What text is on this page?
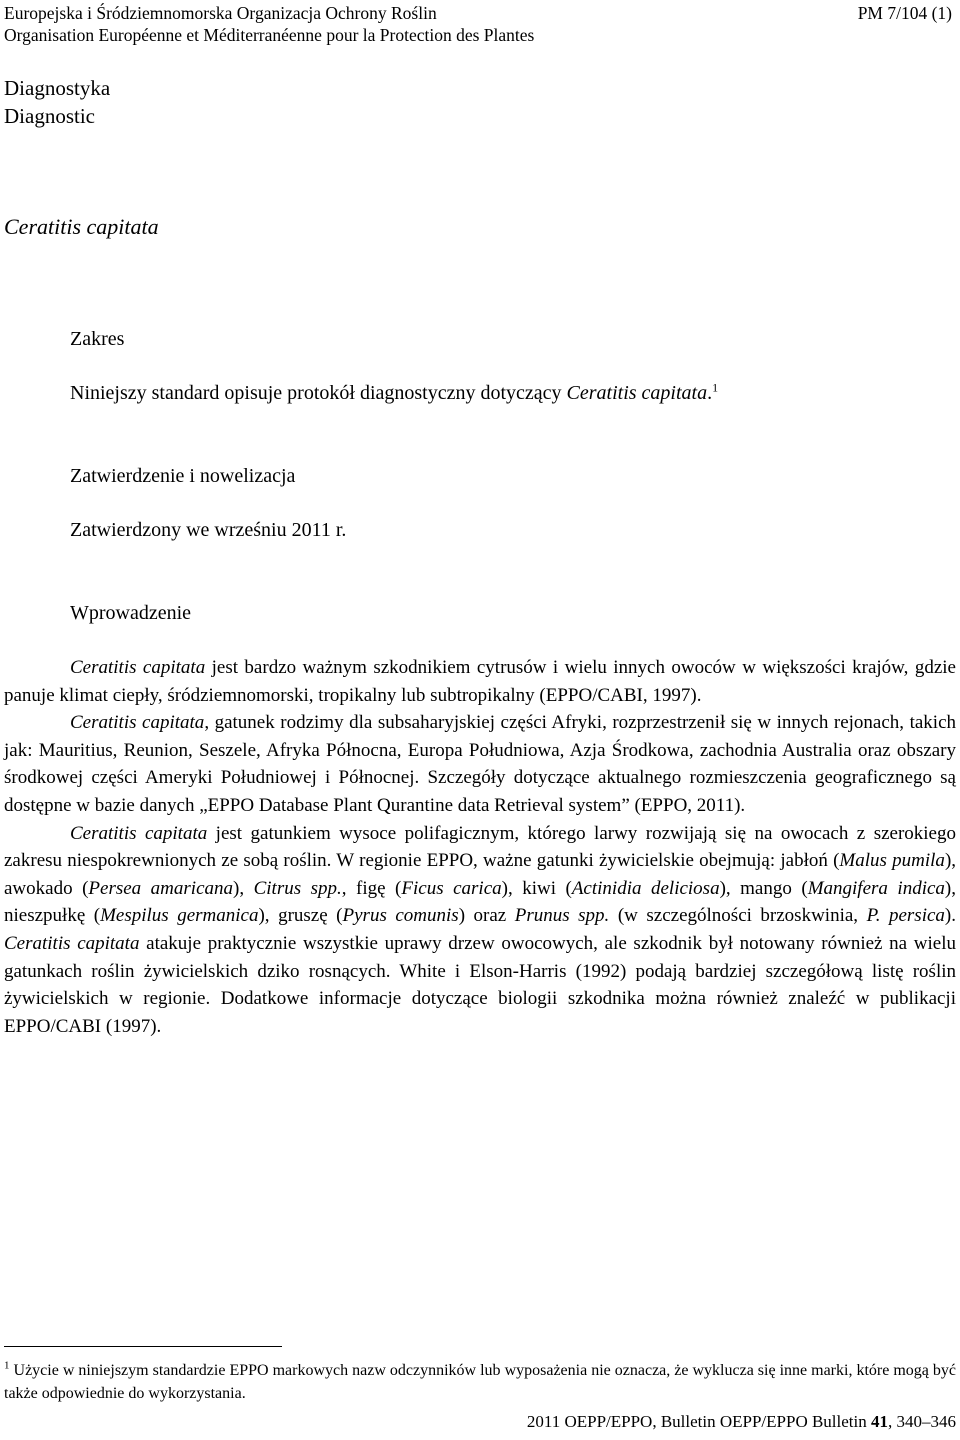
Europejska i Śródziemnomorska Organizacja Ochrony Roślin
Organisation Européenne et Méditerranéenne pour la Protection des Plantes
PM 7/104 (1)
Diagnostyka
Diagnostic
Ceratitis capitata
Zakres
Niniejszy standard opisuje protokół diagnostyczny dotyczący Ceratitis capitata.$^1$
Zatwierdzenie i nowelizacja
Zatwierdzony we wrześniu 2011 r.
Wprowadzenie

Ceratitis capitata jest bardzo ważnym szkodnikiem cytrusów i wielu innych owoców w większości krajów, gdzie panuje klimat ciepły, śródziemnomorski, tropikalny lub subtropikalny (EPPO/CABI, 1997).

Ceratitis capitata, gatunek rodzimy dla subsaharyjskiej części Afryki, rozprzestrzenił się w innych rejonach, takich jak: Mauritius, Reunion, Seszele, Afryka Północna, Europa Południowa, Azja Środkowa, zachodnia Australia oraz obszary środkowej części Ameryki Południowej i Północnej. Szczegóły dotyczące aktualnego rozmieszczenia geograficznego są dostępne w bazie danych „EPPO Database Plant Qurantine data Retrieval system” (EPPO, 2011).

Ceratitis capitata jest gatunkiem wysoce polifagicznym, którego larwy rozwijają się na owocach z szerokiego zakresu niespokrewnionych ze sobą roślin. W regionie EPPO, ważne gatunki żywicielskie obejmują: jabłoń (Malus pumila), awokado (Persea amaricana), Citrus spp., figę (Ficus carica), kiwi (Actinidia deliciosa), mango (Mangifera indica), nieszpułkę (Mespilus germanica), gruszę (Pyrus comunis) oraz Prunus spp. (w szczególności brzoskwinia, P. persica). Ceratitis capitata atakuje praktycznie wszystkie uprawy drzew owocowych, ale szkodnik był notowany również na wielu gatunkach roślin żywicielskich dziko rosnących. White i Elson-Harris (1992) podają bardziej szczegółową listę roślin żywicielskich w regionie. Dodatkowe informacje dotyczące biologii szkodnika można również znaleźć w publikacji EPPO/CABI (1997).

$^1$ Użycie w niniejszym standardzie EPPO markowych nazw odczynników lub wyposażenia nie oznacza, że wyklucza się inne marki, które mogą być także odpowiednie do wykorzystania.
2011 OEPP/EPPO, Bulletin OEPP/EPPO Bulletin 41, 340–346
